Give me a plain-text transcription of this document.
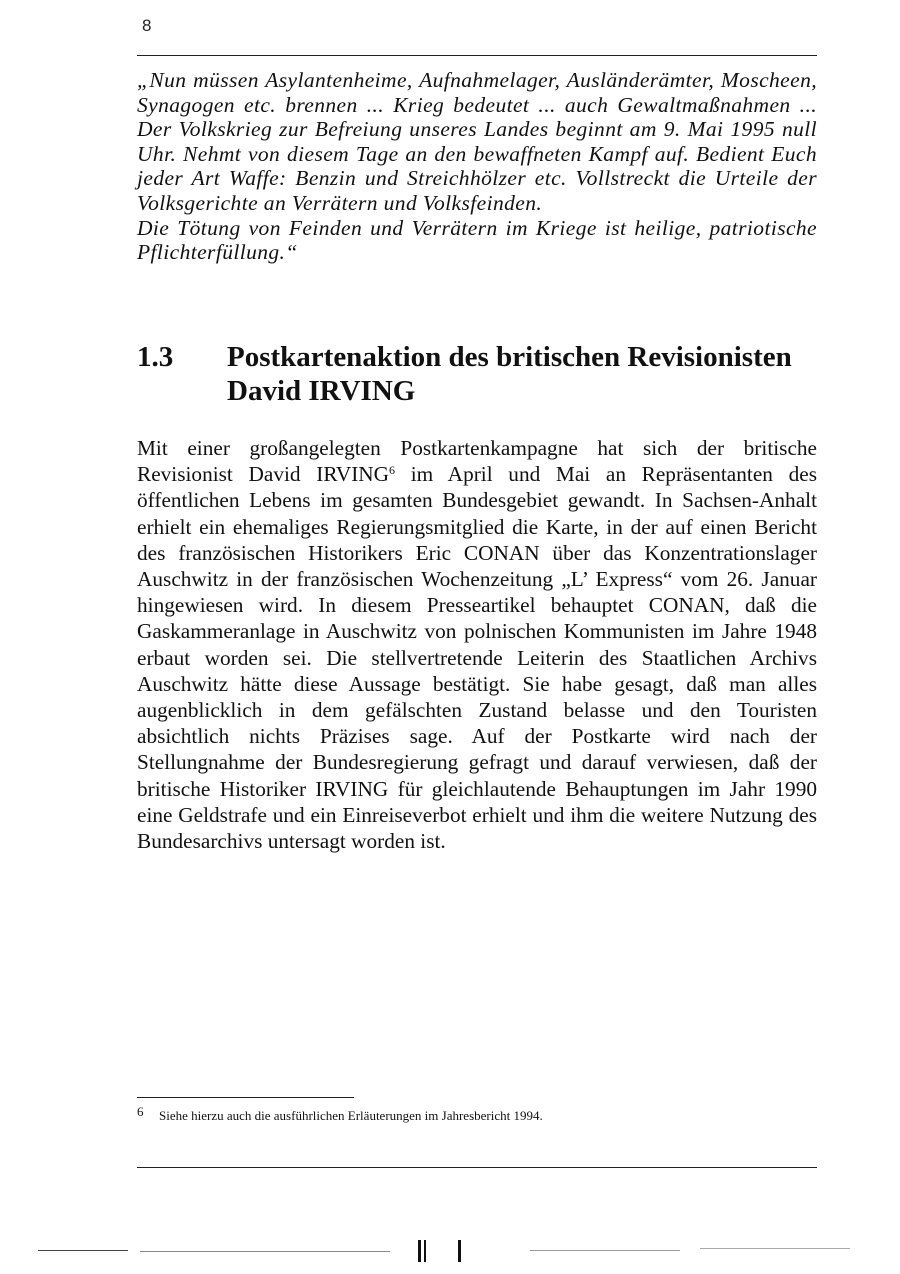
8

„Nun müssen Asylantenheime, Aufnahmelager, Ausländerämter, Moscheen, Synagogen etc. brennen ... Krieg bedeutet ... auch Gewaltmaßnahmen ... Der Volkskrieg zur Befreiung unseres Landes beginnt am 9. Mai 1995 null Uhr. Nehmt von diesem Tage an den bewaffneten Kampf auf. Bedient Euch jeder Art Waffe: Benzin und Streichhölzer etc. Vollstreckt die Urteile der Volksgerichte an Verrätern und Volksfeinden.

Die Tötung von Feinden und Verrätern im Kriege ist heilige, patriotische Pflichterfüllung.“

1.3 Postkartenaktion des britischen Revisionisten David IRVING

Mit einer großangelegten Postkartenkampagne hat sich der britische Revisionist David IRVING$^6$ im April und Mai an Repräsentanten des öffentlichen Lebens im gesamten Bundesgebiet gewandt. In Sachsen-Anhalt erhielt ein ehemaliges Regierungsmitglied die Karte, in der auf einen Bericht des französischen Historikers Eric CONAN über das Konzentrationslager Auschwitz in der französischen Wochenzeitung „L’ Express“ vom 26. Januar hingewiesen wird. In diesem Presseartikel behauptet CONAN, daß die Gaskammeranlage in Auschwitz von polnischen Kommunisten im Jahre 1948 erbaut worden sei. Die stellvertretende Leiterin des Staatlichen Archivs Auschwitz hätte diese Aussage bestätigt. Sie habe gesagt, daß man alles augenblicklich in dem gefälschten Zustand belasse und den Touristen absichtlich nichts Präzises sage. Auf der Postkarte wird nach der Stellungnahme der Bundesregierung gefragt und darauf verwiesen, daß der britische Historiker IRVING für gleichlautende Behauptungen im Jahr 1990 eine Geldstrafe und ein Einreiseverbot erhielt und ihm die weitere Nutzung des Bundesarchivs untersagt worden ist.

6 Siehe hierzu auch die ausführlichen Erläuterungen im Jahresbericht 1994.
